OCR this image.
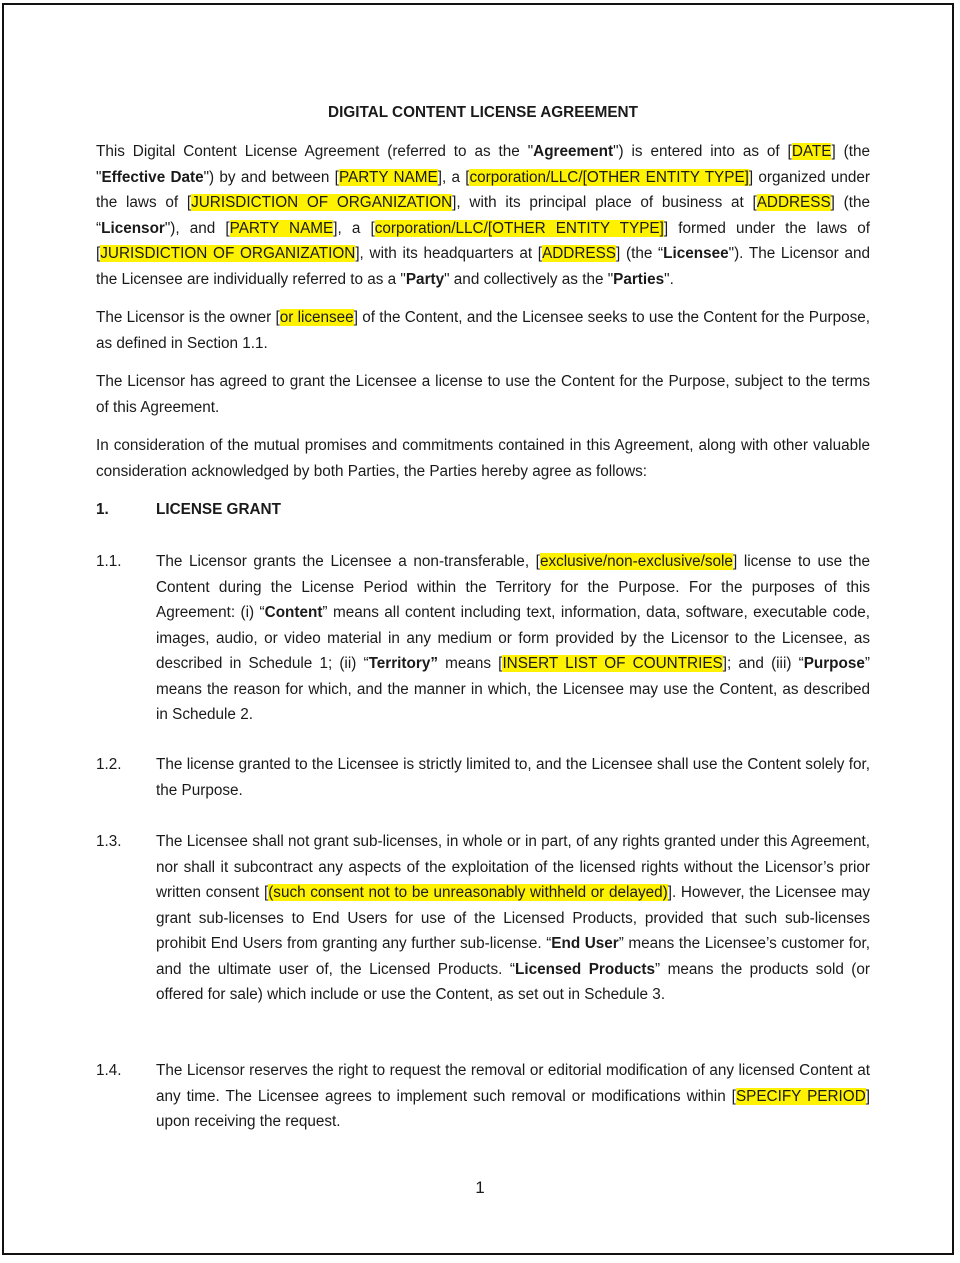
DIGITAL CONTENT LICENSE AGREEMENT
This Digital Content License Agreement (referred to as the "Agreement") is entered into as of [DATE] (the "Effective Date") by and between [PARTY NAME], a [corporation/LLC/[OTHER ENTITY TYPE]] organized under the laws of [JURISDICTION OF ORGANIZATION], with its principal place of business at [ADDRESS] (the “Licensor"), and [PARTY NAME], a [corporation/LLC/[OTHER ENTITY TYPE]] formed under the laws of [JURISDICTION OF ORGANIZATION], with its headquarters at [ADDRESS] (the “Licensee"). The Licensor and the Licensee are individually referred to as a "Party" and collectively as the "Parties".
The Licensor is the owner [or licensee] of the Content, and the Licensee seeks to use the Content for the Purpose, as defined in Section 1.1.
The Licensor has agreed to grant the Licensee a license to use the Content for the Purpose, subject to the terms of this Agreement.
In consideration of the mutual promises and commitments contained in this Agreement, along with other valuable consideration acknowledged by both Parties, the Parties hereby agree as follows:
1.	LICENSE GRANT
1.1. The Licensor grants the Licensee a non-transferable, [exclusive/non-exclusive/sole] license to use the Content during the License Period within the Territory for the Purpose. For the purposes of this Agreement: (i) “Content” means all content including text, information, data, software, executable code, images, audio, or video material in any medium or form provided by the Licensor to the Licensee, as described in Schedule 1; (ii) “Territory” means [INSERT LIST OF COUNTRIES]; and (iii) “Purpose” means the reason for which, and the manner in which, the Licensee may use the Content, as described in Schedule 2.
1.2. The license granted to the Licensee is strictly limited to, and the Licensee shall use the Content solely for, the Purpose.
1.3. The Licensee shall not grant sub-licenses, in whole or in part, of any rights granted under this Agreement, nor shall it subcontract any aspects of the exploitation of the licensed rights without the Licensor’s prior written consent [(such consent not to be unreasonably withheld or delayed)]. However, the Licensee may grant sub-licenses to End Users for use of the Licensed Products, provided that such sub-licenses prohibit End Users from granting any further sub-license. “End User” means the Licensee’s customer for, and the ultimate user of, the Licensed Products. “Licensed Products” means the products sold (or offered for sale) which include or use the Content, as set out in Schedule 3.
1.4. The Licensor reserves the right to request the removal or editorial modification of any licensed Content at any time. The Licensee agrees to implement such removal or modifications within [SPECIFY PERIOD] upon receiving the request.
1
